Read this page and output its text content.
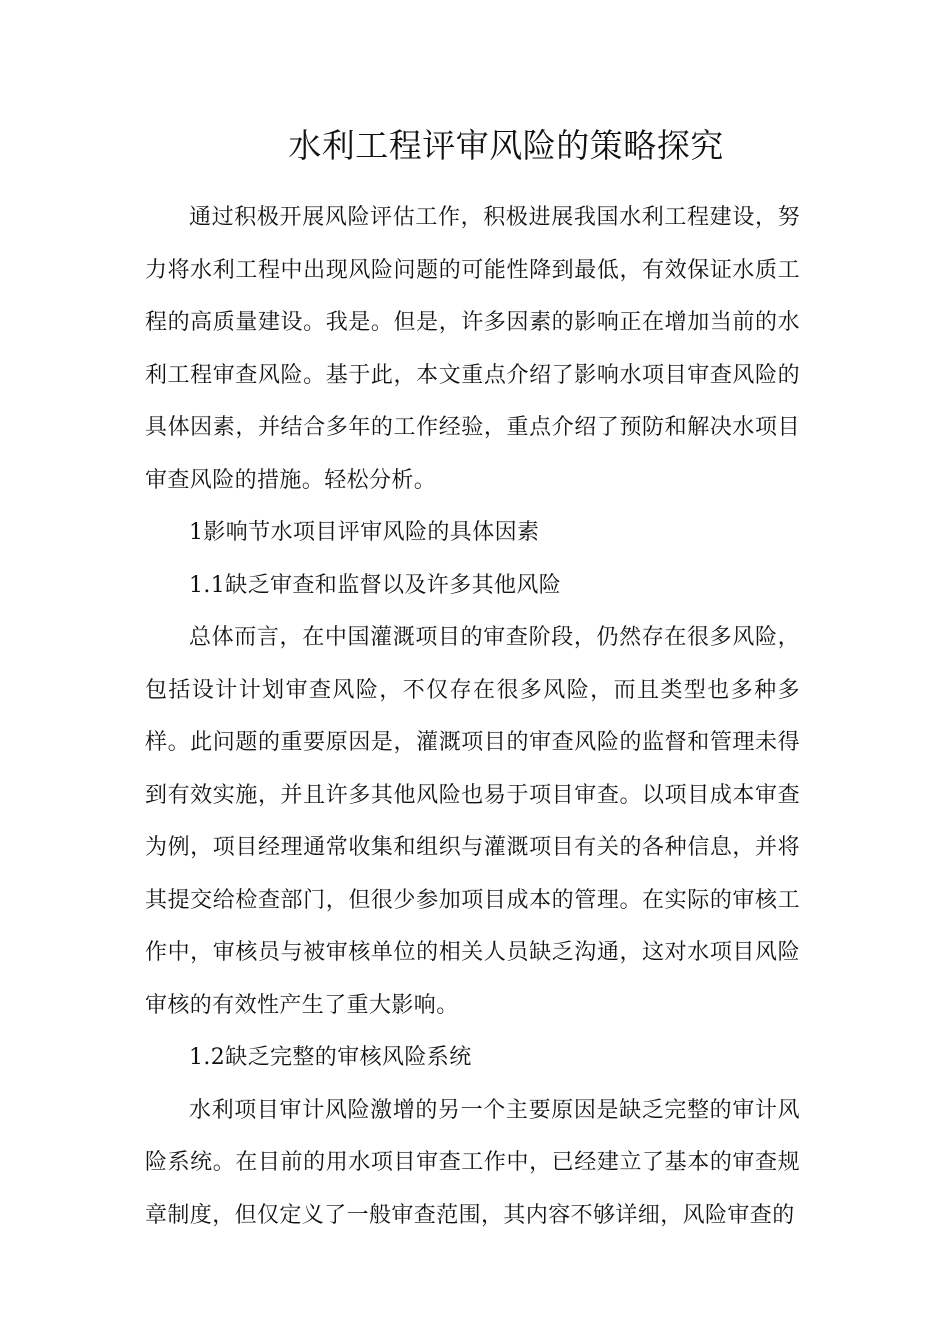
水利工程评审风险的策略探究

通过积极开展风险评估工作，积极进展我国水利工程建设，努力将水利工程中出现风险问题的可能性降到最低，有效保证水质工程的高质量建设。我是。但是，许多因素的影响正在增加当前的水利工程审查风险。基于此，本文重点介绍了影响水项目审查风险的具体因素，并结合多年的工作经验，重点介绍了预防和解决水项目审查风险的措施。轻松分析。

1影响节水项目评审风险的具体因素

1.1缺乏审查和监督以及许多其他风险

总体而言，在中国灌溉项目的审查阶段，仍然存在很多风险，包括设计计划审查风险，不仅存在很多风险，而且类型也多种多样。此问题的重要原因是，灌溉项目的审查风险的监督和管理未得到有效实施，并且许多其他风险也易于项目审查。以项目成本审查为例，项目经理通常收集和组织与灌溉项目有关的各种信息，并将其提交给检查部门，但很少参加项目成本的管理。在实际的审核工作中，审核员与被审核单位的相关人员缺乏沟通，这对水项目风险审核的有效性产生了重大影响。

1.2缺乏完整的审核风险系统

水利项目审计风险激增的另一个主要原因是缺乏完整的审计风险系统。在目前的用水项目审查工作中，已经建立了基本的审查规章制度，但仅定义了一般审查范围，其内容不够详细，风险审查的
